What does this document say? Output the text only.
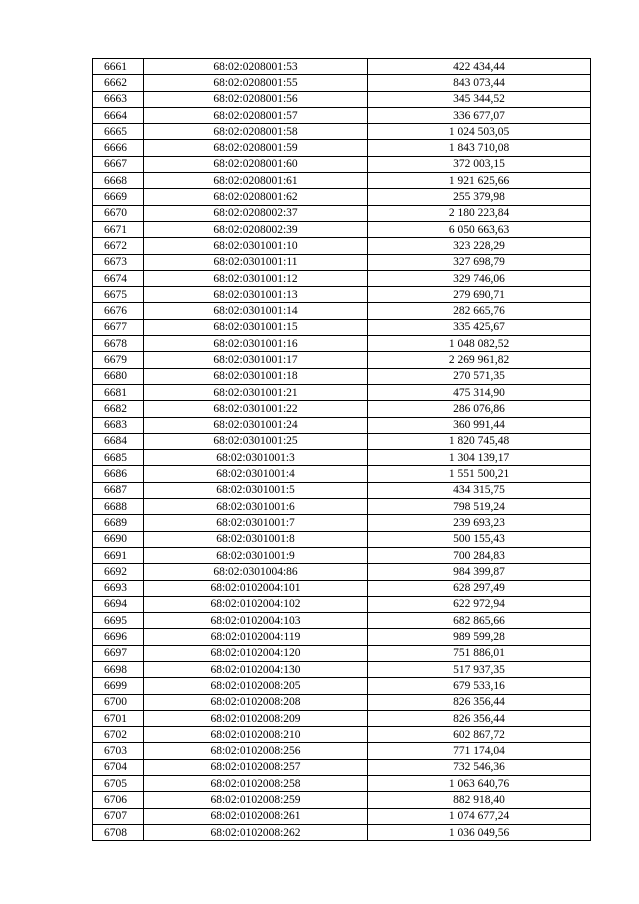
6661	68:02:0208001:53	422 434,44
6662	68:02:0208001:55	843 073,44
6663	68:02:0208001:56	345 344,52
6664	68:02:0208001:57	336 677,07
6665	68:02:0208001:58	1 024 503,05
6666	68:02:0208001:59	1 843 710,08
6667	68:02:0208001:60	372 003,15
6668	68:02:0208001:61	1 921 625,66
6669	68:02:0208001:62	255 379,98
6670	68:02:0208002:37	2 180 223,84
6671	68:02:0208002:39	6 050 663,63
6672	68:02:0301001:10	323 228,29
6673	68:02:0301001:11	327 698,79
6674	68:02:0301001:12	329 746,06
6675	68:02:0301001:13	279 690,71
6676	68:02:0301001:14	282 665,76
6677	68:02:0301001:15	335 425,67
6678	68:02:0301001:16	1 048 082,52
6679	68:02:0301001:17	2 269 961,82
6680	68:02:0301001:18	270 571,35
6681	68:02:0301001:21	475 314,90
6682	68:02:0301001:22	286 076,86
6683	68:02:0301001:24	360 991,44
6684	68:02:0301001:25	1 820 745,48
6685	68:02:0301001:3	1 304 139,17
6686	68:02:0301001:4	1 551 500,21
6687	68:02:0301001:5	434 315,75
6688	68:02:0301001:6	798 519,24
6689	68:02:0301001:7	239 693,23
6690	68:02:0301001:8	500 155,43
6691	68:02:0301001:9	700 284,83
6692	68:02:0301004:86	984 399,87
6693	68:02:0102004:101	628 297,49
6694	68:02:0102004:102	622 972,94
6695	68:02:0102004:103	682 865,66
6696	68:02:0102004:119	989 599,28
6697	68:02:0102004:120	751 886,01
6698	68:02:0102004:130	517 937,35
6699	68:02:0102008:205	679 533,16
6700	68:02:0102008:208	826 356,44
6701	68:02:0102008:209	826 356,44
6702	68:02:0102008:210	602 867,72
6703	68:02:0102008:256	771 174,04
6704	68:02:0102008:257	732 546,36
6705	68:02:0102008:258	1 063 640,76
6706	68:02:0102008:259	882 918,40
6707	68:02:0102008:261	1 074 677,24
6708	68:02:0102008:262	1 036 049,56
